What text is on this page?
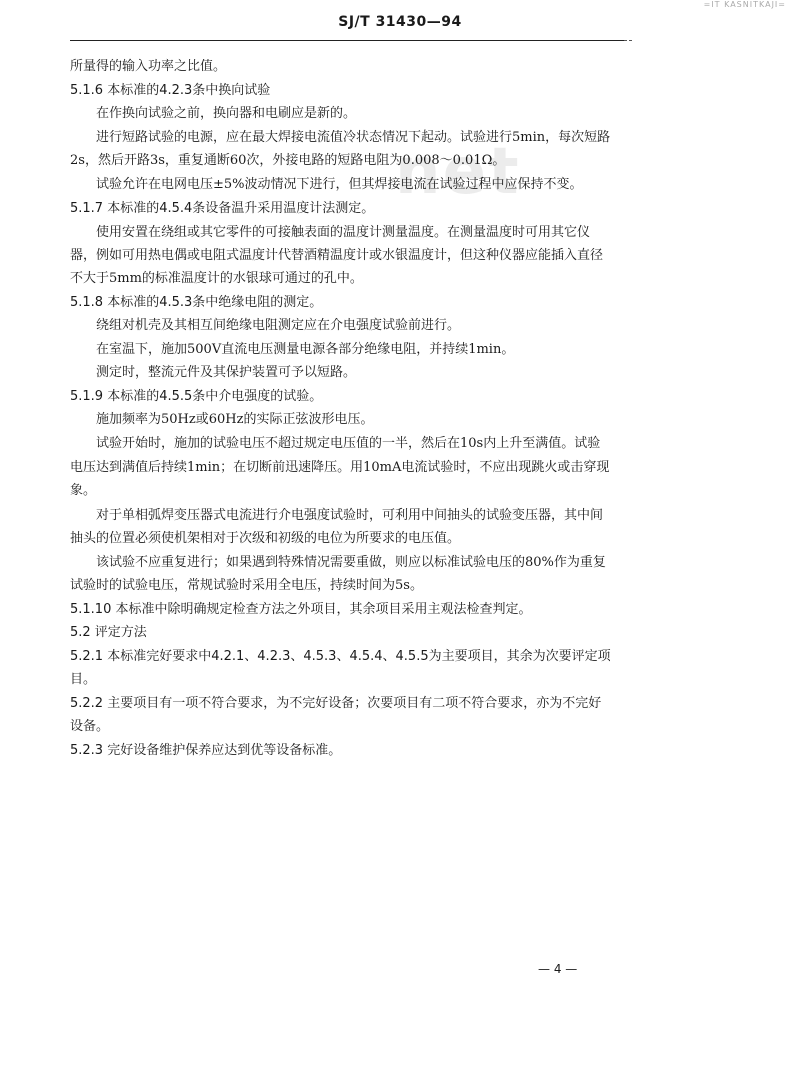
=IT KASNITKAJI=
SJ/T 31430—94
net
所量得的输入功率之比值。
5.1.6 本标准的4.2.3条中换向试验
在作换向试验之前，换向器和电刷应是新的。
进行短路试验的电源，应在最大焊接电流值冷状态情况下起动。试验进行5min，每次短路
2s，然后开路3s，重复通断60次，外接电路的短路电阻为0.008～0.01Ω。
试验允许在电网电压±5%波动情况下进行，但其焊接电流在试验过程中应保持不变。
5.1.7 本标准的4.5.4条设备温升采用温度计法测定。
使用安置在绕组或其它零件的可接触表面的温度计测量温度。在测量温度时可用其它仪
器，例如可用热电偶或电阻式温度计代替酒精温度计或水银温度计，但这种仪器应能插入直径
不大于5mm的标准温度计的水银球可通过的孔中。
5.1.8 本标准的4.5.3条中绝缘电阻的测定。
绕组对机壳及其相互间绝缘电阻测定应在介电强度试验前进行。
在室温下，施加500V直流电压测量电源各部分绝缘电阻，并持续1min。
测定时，整流元件及其保护装置可予以短路。
5.1.9 本标准的4.5.5条中介电强度的试验。
施加频率为50Hz或60Hz的实际正弦波形电压。
试验开始时，施加的试验电压不超过规定电压值的一半，然后在10s内上升至满值。试验
电压达到满值后持续1min；在切断前迅速降压。用10mA电流试验时，不应出现跳火或击穿现
象。
对于单相弧焊变压器式电流进行介电强度试验时，可利用中间抽头的试验变压器，其中间
抽头的位置必须使机架相对于次级和初级的电位为所要求的电压值。
该试验不应重复进行；如果遇到特殊情况需要重做，则应以标准试验电压的80%作为重复
试验时的试验电压，常规试验时采用全电压，持续时间为5s。
5.1.10 本标准中除明确规定检查方法之外项目，其余项目采用主观法检查判定。
5.2 评定方法
5.2.1 本标准完好要求中4.2.1、4.2.3、4.5.3、4.5.4、4.5.5为主要项目，其余为次要评定项
目。
5.2.2 主要项目有一项不符合要求，为不完好设备；次要项目有二项不符合要求，亦为不完好
设备。
5.2.3 完好设备维护保养应达到优等设备标准。
— 4 —
